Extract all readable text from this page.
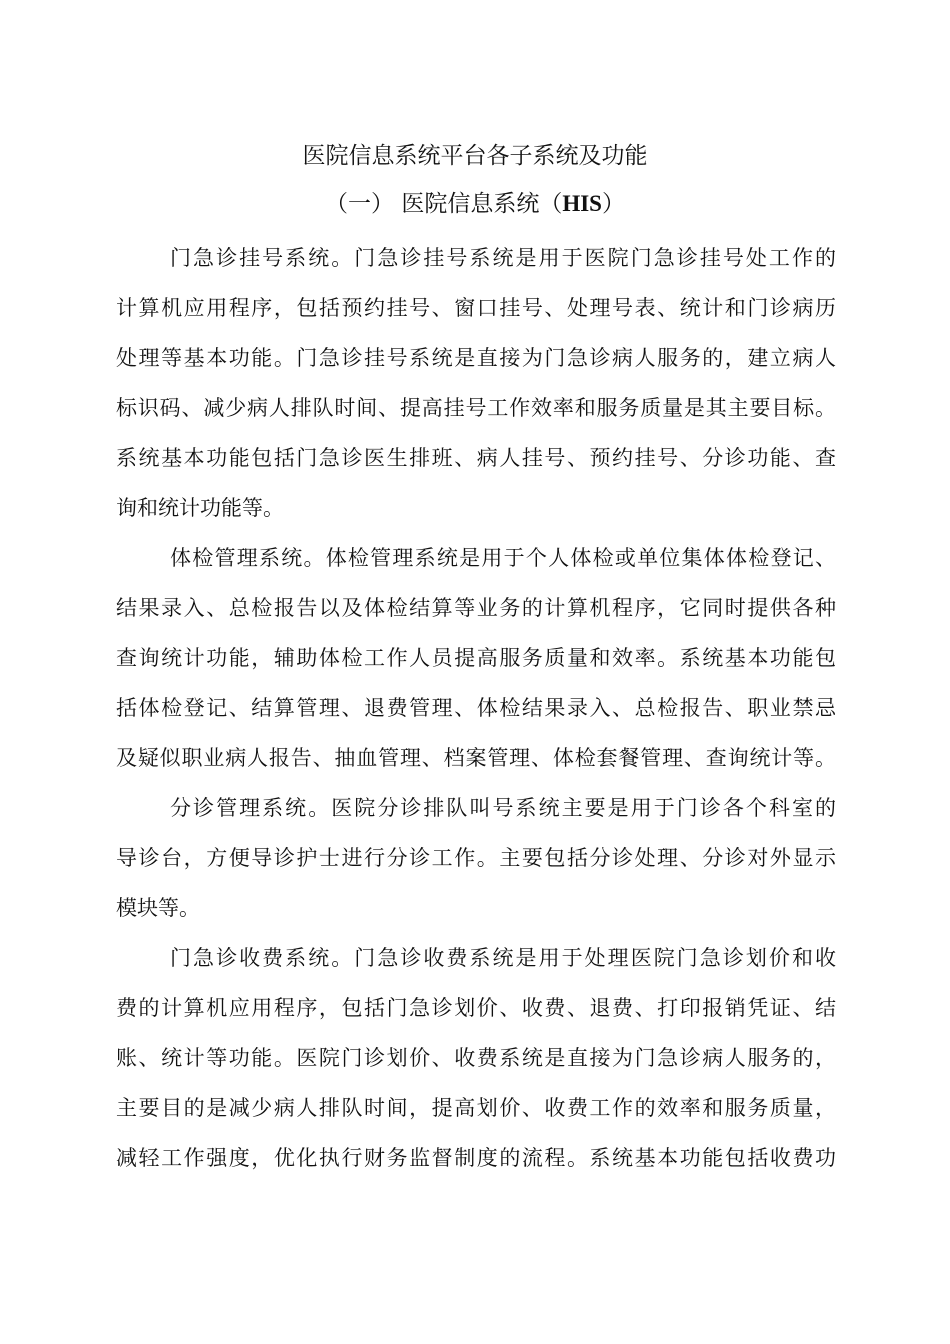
医院信息系统平台各子系统及功能
（一） 医院信息系统（HIS）
门急诊挂号系统。门急诊挂号系统是用于医院门急诊挂号处工作的
计算机应用程序，包括预约挂号、窗口挂号、处理号表、统计和门诊病历
处理等基本功能。门急诊挂号系统是直接为门急诊病人服务的，建立病人
标识码、减少病人排队时间、提高挂号工作效率和服务质量是其主要目标。
系统基本功能包括门急诊医生排班、病人挂号、预约挂号、分诊功能、查
询和统计功能等。
体检管理系统。体检管理系统是用于个人体检或单位集体体检登记、
结果录入、总检报告以及体检结算等业务的计算机程序，它同时提供各种
查询统计功能，辅助体检工作人员提高服务质量和效率。系统基本功能包
括体检登记、结算管理、退费管理、体检结果录入、总检报告、职业禁忌
及疑似职业病人报告、抽血管理、档案管理、体检套餐管理、查询统计等。
分诊管理系统。医院分诊排队叫号系统主要是用于门诊各个科室的
导诊台，方便导诊护士进行分诊工作。主要包括分诊处理、分诊对外显示
模块等。
门急诊收费系统。门急诊收费系统是用于处理医院门急诊划价和收
费的计算机应用程序，包括门急诊划价、收费、退费、打印报销凭证、结
账、统计等功能。医院门诊划价、收费系统是直接为门急诊病人服务的，
主要目的是减少病人排队时间，提高划价、收费工作的效率和服务质量，
减轻工作强度，优化执行财务监督制度的流程。系统基本功能包括收费功
